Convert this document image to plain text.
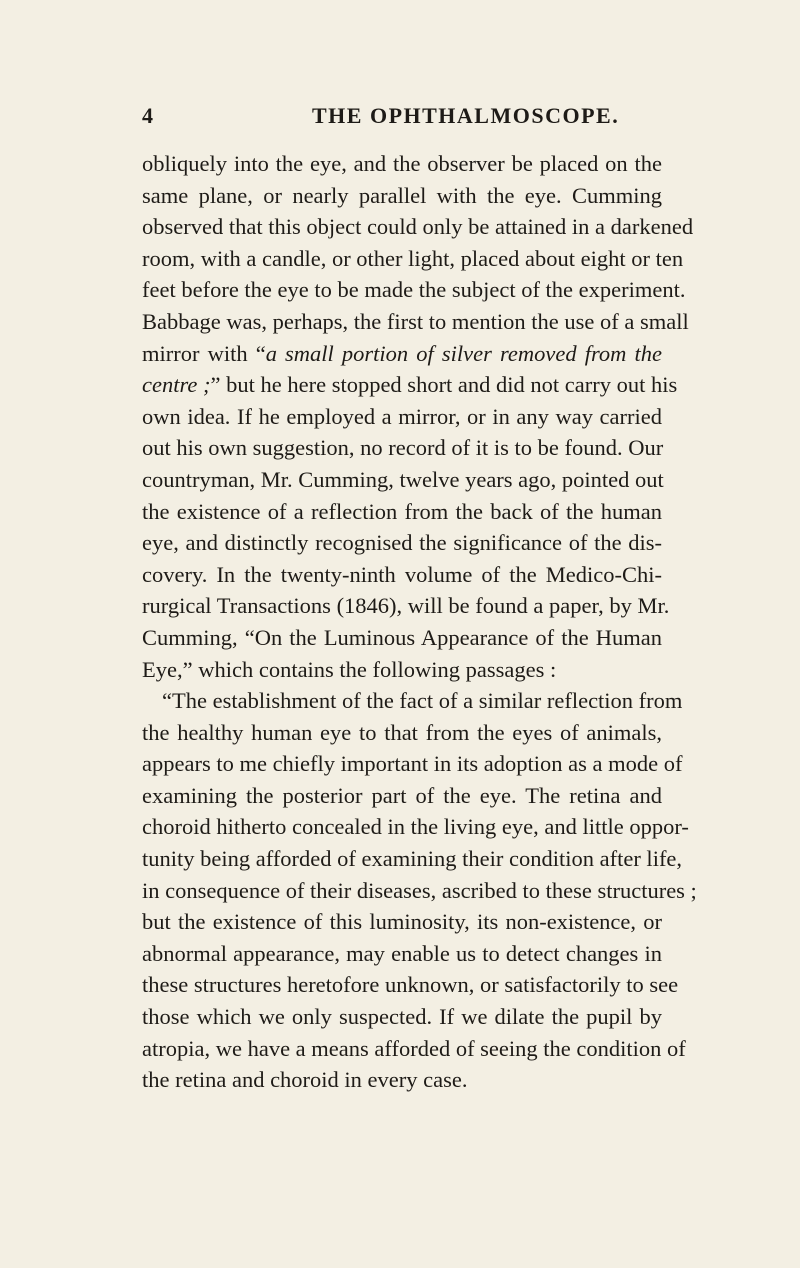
4	THE OPHTHALMOSCOPE.
obliquely into the eye, and the observer be placed on the
same plane, or nearly parallel with the eye. Cumming
observed that this object could only be attained in a darkened
room, with a candle, or other light, placed about eight or ten
feet before the eye to be made the subject of the experiment.
Babbage was, perhaps, the first to mention the use of a small
mirror with “a small portion of silver removed from the
centre ;” but he here stopped short and did not carry out his
own idea. If he employed a mirror, or in any way carried
out his own suggestion, no record of it is to be found. Our
countryman, Mr. Cumming, twelve years ago, pointed out
the existence of a reflection from the back of the human
eye, and distinctly recognised the significance of the dis-
covery. In the twenty-ninth volume of the Medico-Chi-
rurgical Transactions (1846), will be found a paper, by Mr.
Cumming, “On the Luminous Appearance of the Human
Eye,” which contains the following passages :
“The establishment of the fact of a similar reflection from
the healthy human eye to that from the eyes of animals,
appears to me chiefly important in its adoption as a mode of
examining the posterior part of the eye. The retina and
choroid hitherto concealed in the living eye, and little oppor-
tunity being afforded of examining their condition after life,
in consequence of their diseases, ascribed to these structures ;
but the existence of this luminosity, its non-existence, or
abnormal appearance, may enable us to detect changes in
these structures heretofore unknown, or satisfactorily to see
those which we only suspected. If we dilate the pupil by
atropia, we have a means afforded of seeing the condition of
the retina and choroid in every case.
